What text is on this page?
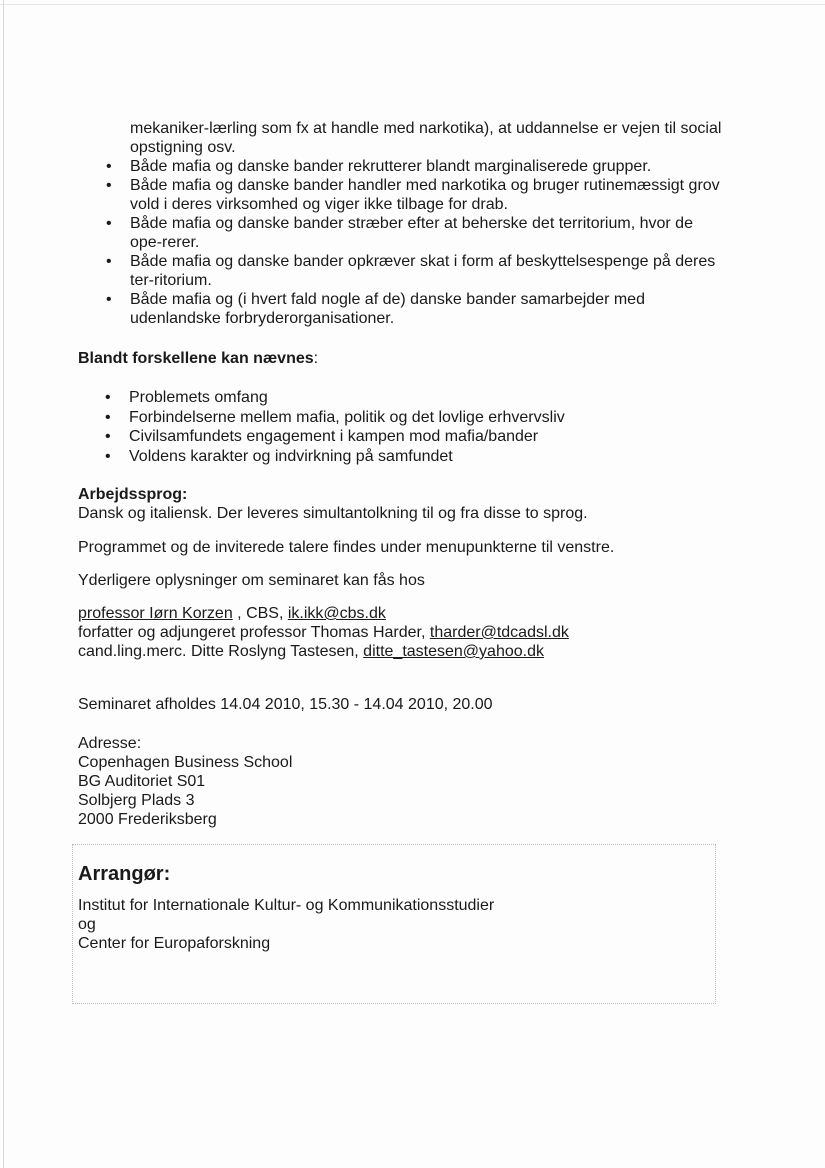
mekaniker-lærling som fx at handle med narkotika), at uddannelse er vejen til social
opstigning osv.
• Både mafia og danske bander rekrutterer blandt marginaliserede grupper.
• Både mafia og danske bander handler med narkotika og bruger rutinemæssigt grov
vold i deres virksomhed og viger ikke tilbage for drab.
• Både mafia og danske bander stræber efter at beherske det territorium, hvor de
ope-rerer.
• Både mafia og danske bander opkræver skat i form af beskyttelsespenge på deres
ter-ritorium.
• Både mafia og (i hvert fald nogle af de) danske bander samarbejder med
udenlandske forbryderorganisationer.
Blandt forskellene kan nævnes:
• Problemets omfang
• Forbindelserne mellem mafia, politik og det lovlige erhvervsliv
• Civilsamfundets engagement i kampen mod mafia/bander
• Voldens karakter og indvirkning på samfundet
Arbejdssprog:
Dansk og italiensk. Der leveres simultantolkning til og fra disse to sprog.
Programmet og de inviterede talere findes under menupunkterne til venstre.
Yderligere oplysninger om seminaret kan fås hos
professor Iørn Korzen , CBS, ik.ikk@cbs.dk
forfatter og adjungeret professor Thomas Harder, tharder@tdcadsl.dk
cand.ling.merc. Ditte Roslyng Tastesen, ditte_tastesen@yahoo.dk
Seminaret afholdes 14.04 2010, 15.30 - 14.04 2010, 20.00
Adresse:
Copenhagen Business School
BG Auditoriet S01
Solbjerg Plads 3
2000 Frederiksberg
Arrangør:
Institut for Internationale Kultur- og Kommunikationsstudier
og
Center for Europaforskning
